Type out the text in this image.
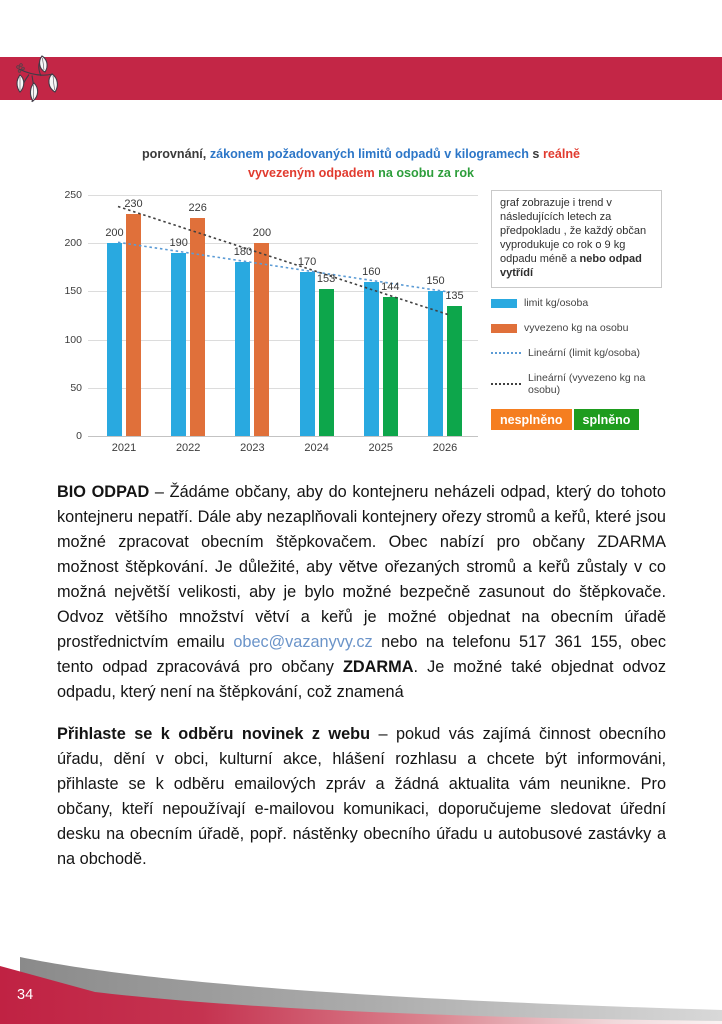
porovnání, zákonem požadovaných limitů odpadů v kilogramech s reálně
vyvezeným odpadem na osobu za rok
200
230
190
226
180
200
170
153
160
144	150
135
0
50
100
150
200
250
2021	2022	2023	2024	2025	2026
graf zobrazuje i trend v následujících letech za předpokladu , že každý občan vyprodukuje co rok o 9 kg odpadu méně a nebo odpad vytřídí
limit kg/osoba
vyvezeno kg na osobu
Lineární (limit kg/osoba)
Lineární (vyvezeno kg na osobu)
nesplněno	splněno

BIO ODPAD – Žádáme občany, aby do kontejneru neházeli odpad, který do tohoto kontejneru nepatří. Dále aby nezaplňovali kontejnery ořezy stromů a keřů, které jsou možné zpracovat obecním štěpkovačem. Obec nabízí pro občany ZDARMA možnost štěpkování. Je důležité, aby větve ořezaných stromů a keřů zůstaly v co možná největší velikosti, aby je bylo možné bezpečně zasunout do štěpkovače. Odvoz většího množství větví a keřů je možné objednat na obecním úřadě prostřednictvím emailu obec@vazanyvy.cz nebo na telefonu 517 361 155, obec tento odpad zpracovává pro občany ZDARMA. Je možné také objednat odvoz odpadu, který není na štěpkování, což znamená

Přihlaste se k odběru novinek z webu – pokud vás zajímá činnost obecního úřadu, dění v obci, kulturní akce, hlášení rozhlasu a chcete být informováni, přihlaste se k odběru emailových zpráv a žádná aktualita vám neunikne. Pro občany, kteří nepoužívají e-mailovou komunikaci, doporučujeme sledovat úřední desku na obecním úřadě, popř. nástěnky obecního úřadu u autobusové zastávky a na obchodě.

34
